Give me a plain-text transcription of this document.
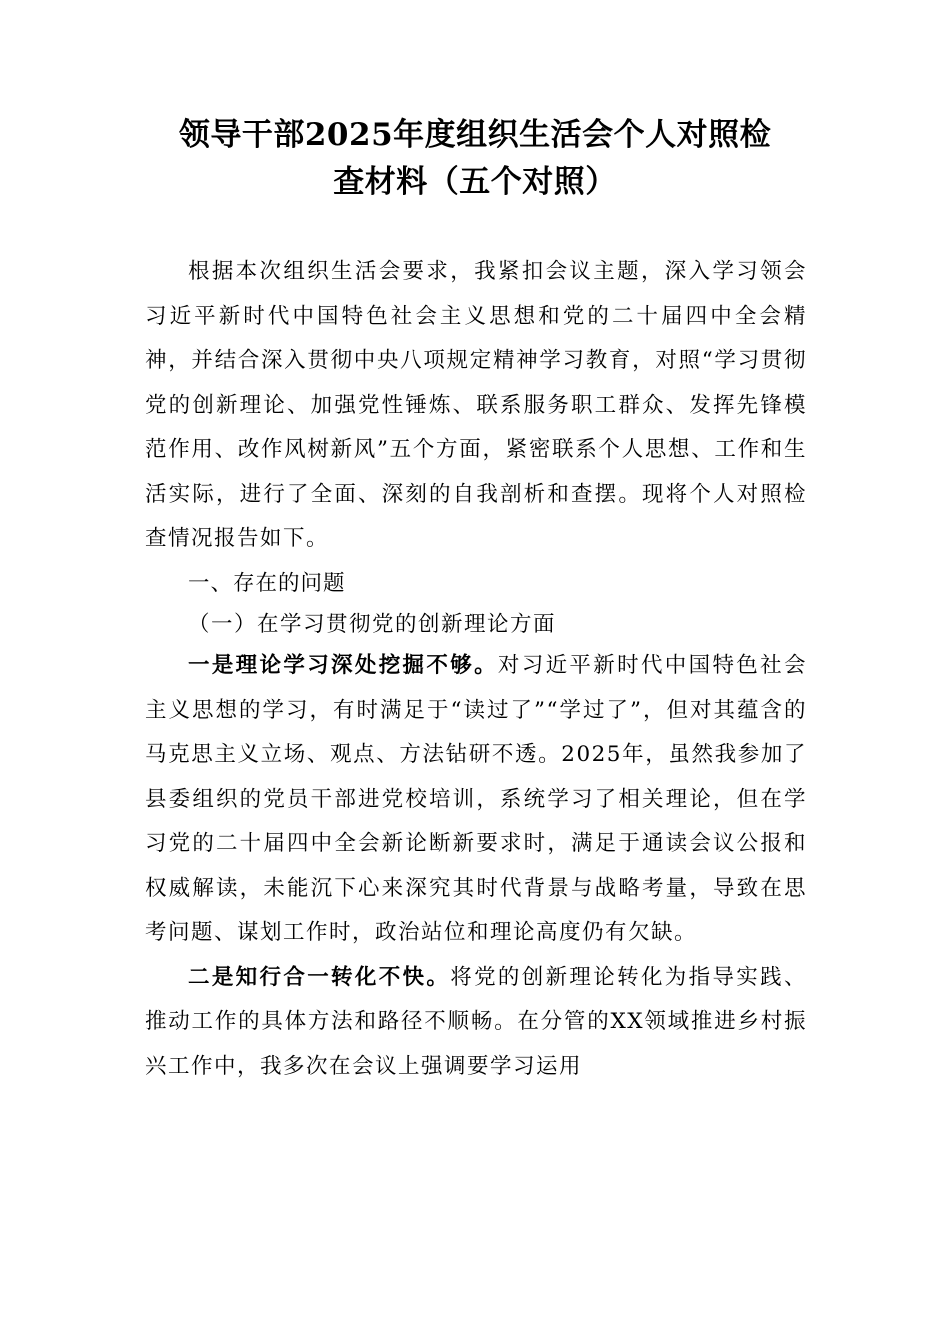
领导干部2025年度组织生活会个人对照检
查材料（五个对照）

根据本次组织生活会要求，我紧扣会议主题，深入学习领会习近平新时代中国特色社会主义思想和党的二十届四中全会精神，并结合深入贯彻中央八项规定精神学习教育，对照“学习贯彻党的创新理论、加强党性锤炼、联系服务职工群众、发挥先锋模范作用、改作风树新风”五个方面，紧密联系个人思想、工作和生活实际，进行了全面、深刻的自我剖析和查摆。现将个人对照检查情况报告如下。

一、存在的问题

（一）在学习贯彻党的创新理论方面

一是理论学习深处挖掘不够。对习近平新时代中国特色社会主义思想的学习，有时满足于“读过了”“学过了”，但对其蕴含的马克思主义立场、观点、方法钻研不透。2025年，虽然我参加了县委组织的党员干部进党校培训，系统学习了相关理论，但在学习党的二十届四中全会新论断新要求时，满足于通读会议公报和权威解读，未能沉下心来深究其时代背景与战略考量，导致在思考问题、谋划工作时，政治站位和理论高度仍有欠缺。

二是知行合一转化不快。将党的创新理论转化为指导实践、推动工作的具体方法和路径不顺畅。在分管的XX领域推进乡村振兴工作中，我多次在会议上强调要学习运用
